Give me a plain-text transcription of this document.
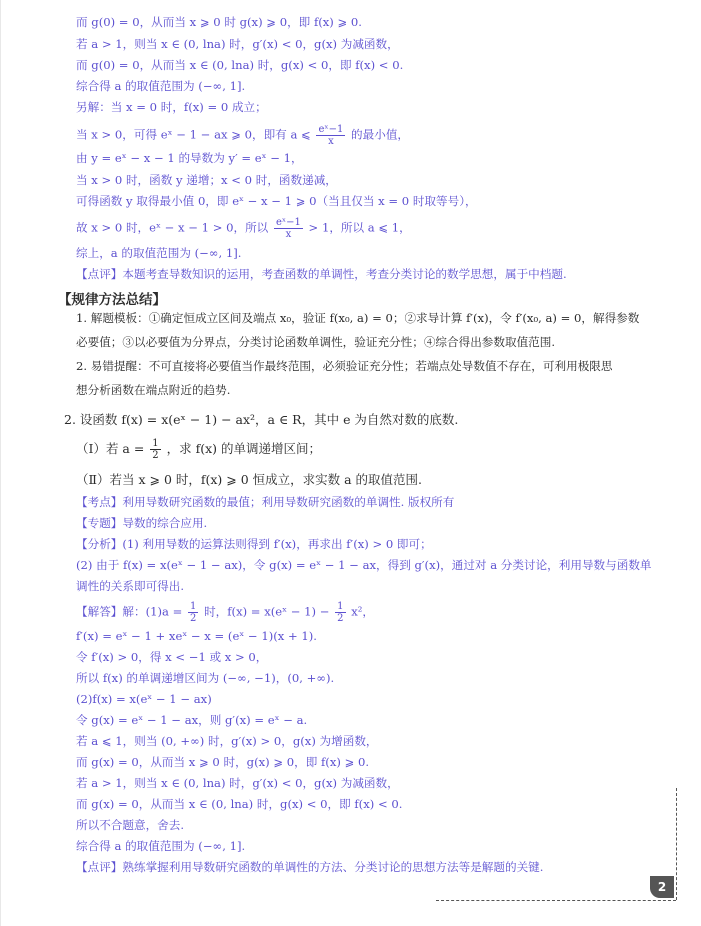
而 g(0) = 0，从而当 x ⩾ 0 时 g(x) ⩾ 0，即 f(x) ⩾ 0.
若 a > 1，则当 x ∈ (0, lna) 时，g′(x) < 0，g(x) 为减函数，
而 g(0) = 0，从而当 x ∈ (0, lna) 时，g(x) < 0，即 f(x) < 0.
综合得 a 的取值范围为 (−∞, 1].
另解：当 x = 0 时，f(x) = 0 成立；
当 x > 0，可得 eˣ − 1 − ax ⩾ 0，即有 a ⩽ $\frac{\text{eˣ−1}}{x}$ 的最小值，
由 y = eˣ − x − 1 的导数为 y′ = eˣ − 1，
当 x > 0 时，函数 y 递增；x < 0 时，函数递减，
可得函数 y 取得最小值 0，即 eˣ − x − 1 ⩾ 0（当且仅当 x = 0 时取等号），
故 x > 0 时，eˣ − x − 1 > 0，所以 $\frac{\text{eˣ−1}}{x} > 1$，所以 a ⩽ 1，
综上，a 的取值范围为 (−∞, 1].
【点评】本题考查导数知识的运用，考查函数的单调性，考查分类讨论的数学思想，属于中档题.
【规律方法总结】
1. 解题模板：①确定恒成立区间及端点 x₀，验证 f(x₀, a) = 0；②求导计算 f′(x)，令 f′(x₀, a) = 0，解得参数
必要值；③以必要值为分界点，分类讨论函数单调性，验证充分性；④综合得出参数取值范围.
2. 易错提醒：不可直接将必要值当作最终范围，必须验证充分性；若端点处导数值不存在，可利用极限思
想分析函数在端点附近的趋势.
2. 设函数 f(x) = x(eˣ − 1) − ax²，a ∈ R，其中 e 为自然对数的底数.
（Ⅰ）若 $a = \frac{1}{2}$ ，求 f(x) 的单调递增区间；
（Ⅱ）若当 x ⩾ 0 时，f(x) ⩾ 0 恒成立，求实数 a 的取值范围.
【考点】利用导数研究函数的最值；利用导数研究函数的单调性. 版权所有
【专题】导数的综合应用.
【分析】(1) 利用导数的运算法则得到 f′(x)，再求出 f′(x) > 0 即可；
(2) 由于 f(x) = x(eˣ − 1 − ax)，令 g(x) = eˣ − 1 − ax，得到 g′(x)，通过对 a 分类讨论，利用导数与函数单
调性的关系即可得出.
【解答】解：$(1)a = \frac{1}{2}$ 时，f(x) = x(eˣ − $1) - \frac{1}{2} x^2$，
f′(x) = eˣ − 1 + xeˣ − x = (eˣ − 1)(x + 1).
令 f′(x) > 0，得 x < −1 或 x > 0，
所以 f(x) 的单调递增区间为 (−∞, −1)，(0, +∞).
(2)f(x) = x(eˣ − 1 − ax)
令 g(x) = eˣ − 1 − ax，则 g′(x) = eˣ − a.
若 a ⩽ 1，则当 (0, +∞) 时，g′(x) > 0，g(x) 为增函数，
而 g(x) = 0，从而当 x ⩾ 0 时，g(x) ⩾ 0，即 f(x) ⩾ 0.
若 a > 1，则当 x ∈ (0, lna) 时，g′(x) < 0，g(x) 为减函数，
而 g(x) = 0，从而当 x ∈ (0, lna) 时，g(x) < 0，即 f(x) < 0.
所以不合题意，舍去.
综合得 a 的取值范围为 (−∞, 1].
【点评】熟练掌握利用导数研究函数的单调性的方法、分类讨论的思想方法等是解题的关键.
2
